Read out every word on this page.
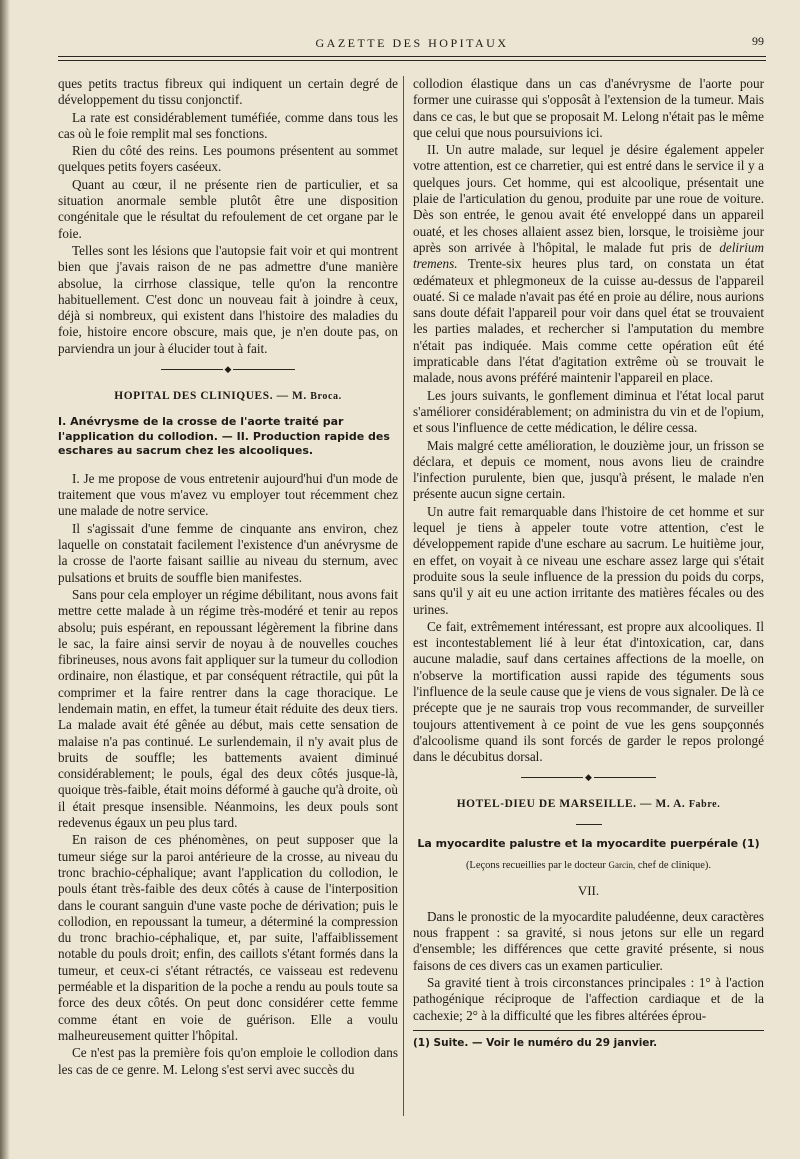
GAZETTE DES HOPITAUX	99

ques petits tractus fibreux qui indiquent un certain degré de développement du tissu conjonctif.

La rate est considérablement tuméfiée, comme dans tous les cas où le foie remplit mal ses fonctions.

Rien du côté des reins. Les poumons présentent au sommet quelques petits foyers caséeux.

Quant au cœur, il ne présente rien de particulier, et sa situation anormale semble plutôt être une disposition congénitale que le résultat du refoulement de cet organe par le foie.

Telles sont les lésions que l'autopsie fait voir et qui montrent bien que j'avais raison de ne pas admettre d'une manière absolue, la cirrhose classique, telle qu'on la rencontre habituellement. C'est donc un nouveau fait à joindre à ceux, déjà si nombreux, qui existent dans l'histoire des maladies du foie, histoire encore obscure, mais que, je n'en doute pas, on parviendra un jour à élucider tout à fait.

◆
HOPITAL DES CLINIQUES. — M. Broca.
I. Anévrysme de la crosse de l'aorte traité par l'application du collodion. — II. Production rapide des eschares au sacrum chez les alcooliques.

I. Je me propose de vous entretenir aujourd'hui d'un mode de traitement que vous m'avez vu employer tout récemment chez une malade de notre service.

Il s'agissait d'une femme de cinquante ans environ, chez laquelle on constatait facilement l'existence d'un anévrysme de la crosse de l'aorte faisant saillie au niveau du sternum, avec pulsations et bruits de souffle bien manifestes.

Sans pour cela employer un régime débilitant, nous avons fait mettre cette malade à un régime très-modéré et tenir au repos absolu; puis espérant, en repoussant légèrement la fibrine dans le sac, la faire ainsi servir de noyau à de nouvelles couches fibrineuses, nous avons fait appliquer sur la tumeur du collodion ordinaire, non élastique, et par conséquent rétractile, qui pût la comprimer et la faire rentrer dans la cage thoracique. Le lendemain matin, en effet, la tumeur était réduite des deux tiers. La malade avait été gênée au début, mais cette sensation de malaise n'a pas continué. Le surlendemain, il n'y avait plus de bruits de souffle; les battements avaient diminué considérablement; le pouls, égal des deux côtés jusque-là, quoique très-faible, était moins déformé à gauche qu'à droite, où il était presque insensible. Néanmoins, les deux pouls sont redevenus égaux un peu plus tard.

En raison de ces phénomènes, on peut supposer que la tumeur siége sur la paroi antérieure de la crosse, au niveau du tronc brachio-céphalique; avant l'application du collodion, le pouls étant très-faible des deux côtés à cause de l'interposition dans le courant sanguin d'une vaste poche de dérivation; puis le collodion, en repoussant la tumeur, a déterminé la compression du tronc brachio-céphalique, et, par suite, l'affaiblissement notable du pouls droit; enfin, des caillots s'étant formés dans la tumeur, et ceux-ci s'étant rétractés, ce vaisseau est redevenu perméable et la disparition de la poche a rendu au pouls toute sa force des deux côtés. On peut donc considérer cette femme comme étant en voie de guérison. Elle a voulu malheureusement quitter l'hôpital.

Ce n'est pas la première fois qu'on emploie le collodion dans les cas de ce genre. M. Lelong s'est servi avec succès du

collodion élastique dans un cas d'anévrysme de l'aorte pour former une cuirasse qui s'opposât à l'extension de la tumeur. Mais dans ce cas, le but que se proposait M. Lelong n'était pas le même que celui que nous poursuivions ici.

II. Un autre malade, sur lequel je désire également appeler votre attention, est ce charretier, qui est entré dans le service il y a quelques jours. Cet homme, qui est alcoolique, présentait une plaie de l'articulation du genou, produite par une roue de voiture. Dès son entrée, le genou avait été enveloppé dans un appareil ouaté, et les choses allaient assez bien, lorsque, le troisième jour après son arrivée à l'hôpital, le malade fut pris de delirium tremens. Trente-six heures plus tard, on constata un état œdémateux et phlegmoneux de la cuisse au-dessus de l'appareil ouaté. Si ce malade n'avait pas été en proie au délire, nous aurions sans doute défait l'appareil pour voir dans quel état se trouvaient les parties malades, et rechercher si l'amputation du membre n'était pas indiquée. Mais comme cette opération eût été impraticable dans l'état d'agitation extrême où se trouvait le malade, nous avons préféré maintenir l'appareil en place.

Les jours suivants, le gonflement diminua et l'état local parut s'améliorer considérablement; on administra du vin et de l'opium, et sous l'influence de cette médication, le délire cessa.

Mais malgré cette amélioration, le douzième jour, un frisson se déclara, et depuis ce moment, nous avons lieu de craindre l'infection purulente, bien que, jusqu'à présent, le malade n'en présente aucun signe certain.

Un autre fait remarquable dans l'histoire de cet homme et sur lequel je tiens à appeler toute votre attention, c'est le développement rapide d'une eschare au sacrum. Le huitième jour, en effet, on voyait à ce niveau une eschare assez large qui s'était produite sous la seule influence de la pression du poids du corps, sans qu'il y ait eu une action irritante des matières fécales ou des urines.

Ce fait, extrêmement intéressant, est propre aux alcooliques. Il est incontestablement lié à leur état d'intoxication, car, dans aucune maladie, sauf dans certaines affections de la moelle, on n'observe la mortification aussi rapide des téguments sous l'influence de la seule cause que je viens de vous signaler. De là ce précepte que je ne saurais trop vous recommander, de surveiller toujours attentivement à ce point de vue les gens soupçonnés d'alcoolisme quand ils sont forcés de garder le repos prolongé dans le décubitus dorsal.

◆
HOTEL-DIEU DE MARSEILLE. — M. A. Fabre.
La myocardite palustre et la myocardite puerpérale (1)
(Leçons recueillies par le docteur Garcin, chef de clinique).
VII.

Dans le pronostic de la myocardite paludéenne, deux caractères nous frappent : sa gravité, si nous jetons sur elle un regard d'ensemble; les différences que cette gravité présente, si nous faisons de ces divers cas un examen particulier.

Sa gravité tient à trois circonstances principales : 1° à l'action pathogénique réciproque de l'affection cardiaque et de la cachexie; 2° à la difficulté que les fibres altérées éprou-

(1) Suite. — Voir le numéro du 29 janvier.
